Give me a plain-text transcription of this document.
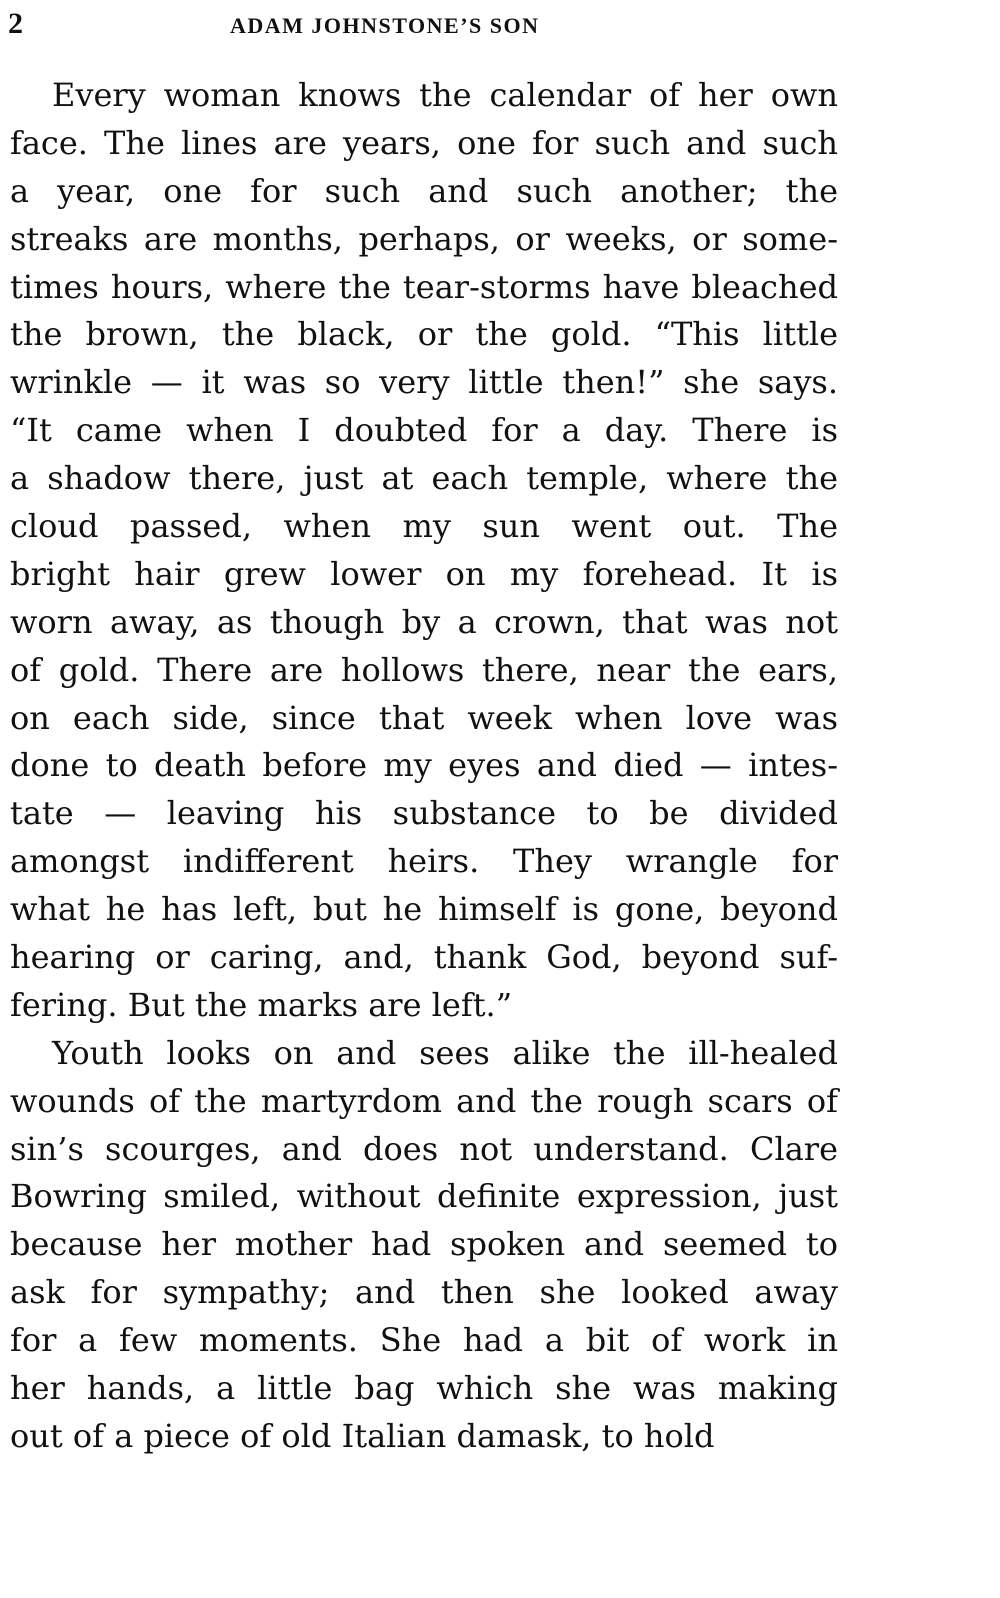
2	ADAM JOHNSTONE’S SON
Every woman knows the calendar of her own
face. The lines are years, one for such and such
a year, one for such and such another; the
streaks are months, perhaps, or weeks, or some-
times hours, where the tear-storms have bleached
the brown, the black, or the gold. “This little
wrinkle — it was so very little then!” she says.
“It came when I doubted for a day. There is
a shadow there, just at each temple, where the
cloud passed, when my sun went out. The
bright hair grew lower on my forehead. It is
worn away, as though by a crown, that was not
of gold. There are hollows there, near the ears,
on each side, since that week when love was
done to death before my eyes and died — intes-
tate — leaving his substance to be divided
amongst indifferent heirs. They wrangle for
what he has left, but he himself is gone, beyond
hearing or caring, and, thank God, beyond suf-
fering. But the marks are left.”
Youth looks on and sees alike the ill-healed
wounds of the martyrdom and the rough scars of
sin’s scourges, and does not understand. Clare
Bowring smiled, without definite expression, just
because her mother had spoken and seemed to
ask for sympathy; and then she looked away
for a few moments. She had a bit of work in
her hands, a little bag which she was making
out of a piece of old Italian damask, to hold
